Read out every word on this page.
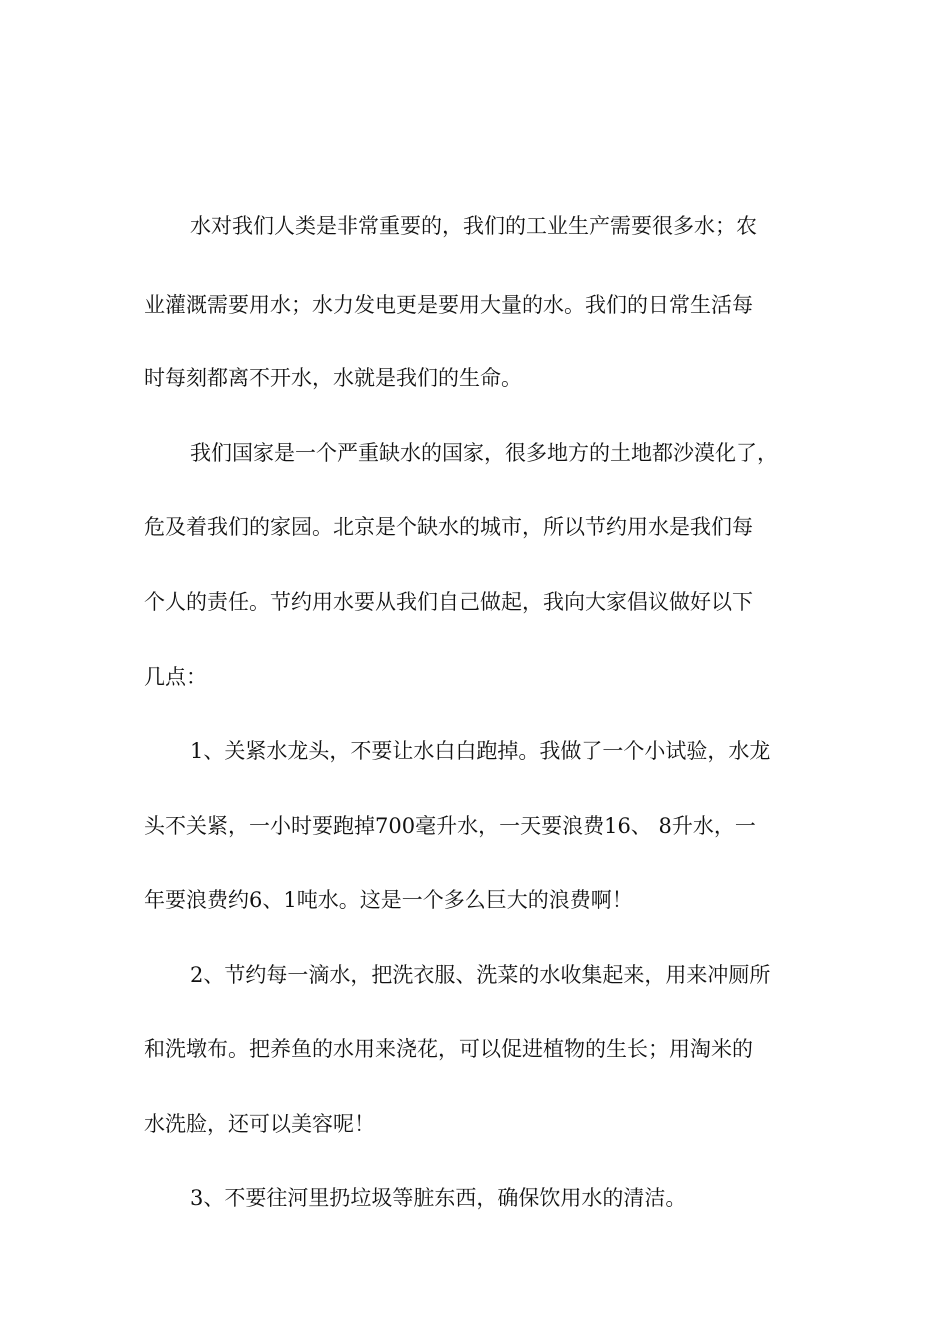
水对我们人类是非常重要的，我们的工业生产需要很多水；农
业灌溉需要用水；水力发电更是要用大量的水。我们的日常生活每
时每刻都离不开水，水就是我们的生命。
我们国家是一个严重缺水的国家，很多地方的土地都沙漠化了，
危及着我们的家园。北京是个缺水的城市，所以节约用水是我们每
个人的责任。节约用水要从我们自己做起，我向大家倡议做好以下
几点：
1、关紧水龙头，不要让水白白跑掉。我做了一个小试验，水龙
头不关紧，一小时要跑掉700毫升水，一天要浪费16、 8升水，一
年要浪费约6、1吨水。这是一个多么巨大的浪费啊！
2、节约每一滴水，把洗衣服、洗菜的水收集起来，用来冲厕所
和洗墩布。把养鱼的水用来浇花，可以促进植物的生长；用淘米的
水洗脸，还可以美容呢！
3、不要往河里扔垃圾等脏东西，确保饮用水的清洁。
